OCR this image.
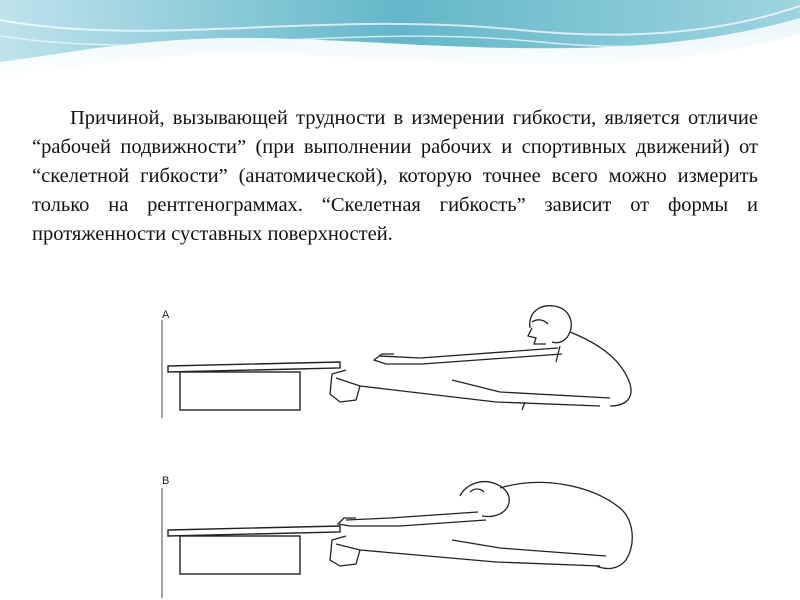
Причиной, вызывающей трудности в измерении гибкости, является отличие “рабочей подвижности” (при выполнении рабочих и спортивных движений) от “скелетной гибкости” (анатомической), которую точнее всего можно измерить только на рентгенограммах. “Скелетная гибкость” зависит от формы и протяженности суставных поверхностей.

A
B
